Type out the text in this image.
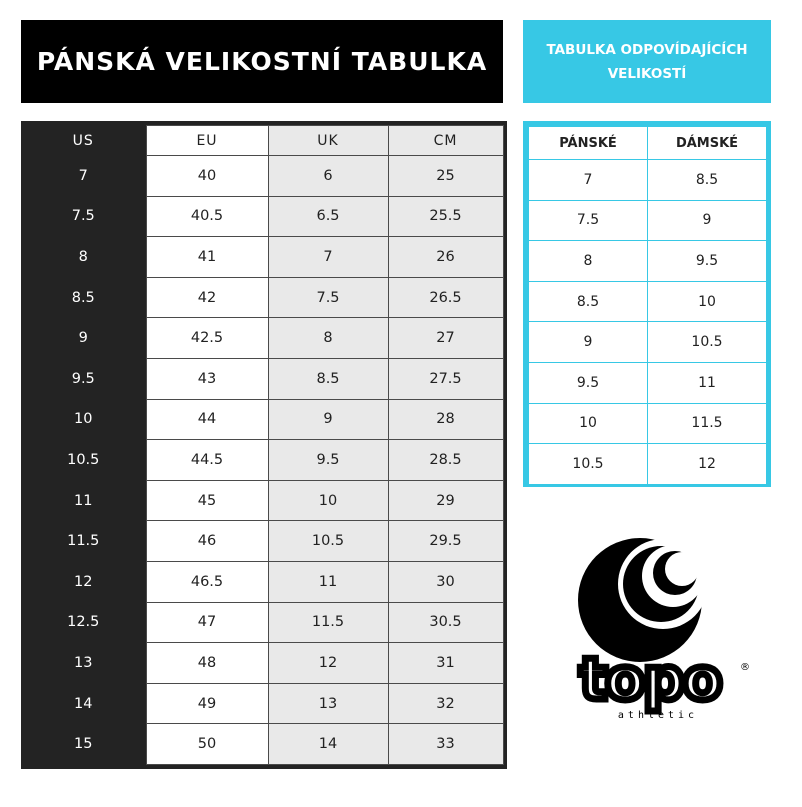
PÁNSKÁ VELIKOSTNÍ TABULKA	TABULKA ODPOVÍDAJÍCÍCH VELIKOSTÍ
US	EU	UK	CM
7	40	6	25
7.5	40.5	6.5	25.5
8	41	7	26
8.5	42	7.5	26.5
9	42.5	8	27
9.5	43	8.5	27.5
10	44	9	28
10.5	44.5	9.5	28.5
11	45	10	29
11.5	46	10.5	29.5
12	46.5	11	30
12.5	47	11.5	30.5
13	48	12	31
14	49	13	32
15	50	14	33
PÁNSKÉ	DÁMSKÉ
7	8.5
7.5	9
8	9.5
8.5	10
9	10.5
9.5	11
10	11.5
10.5	12
topo ®
athletic
